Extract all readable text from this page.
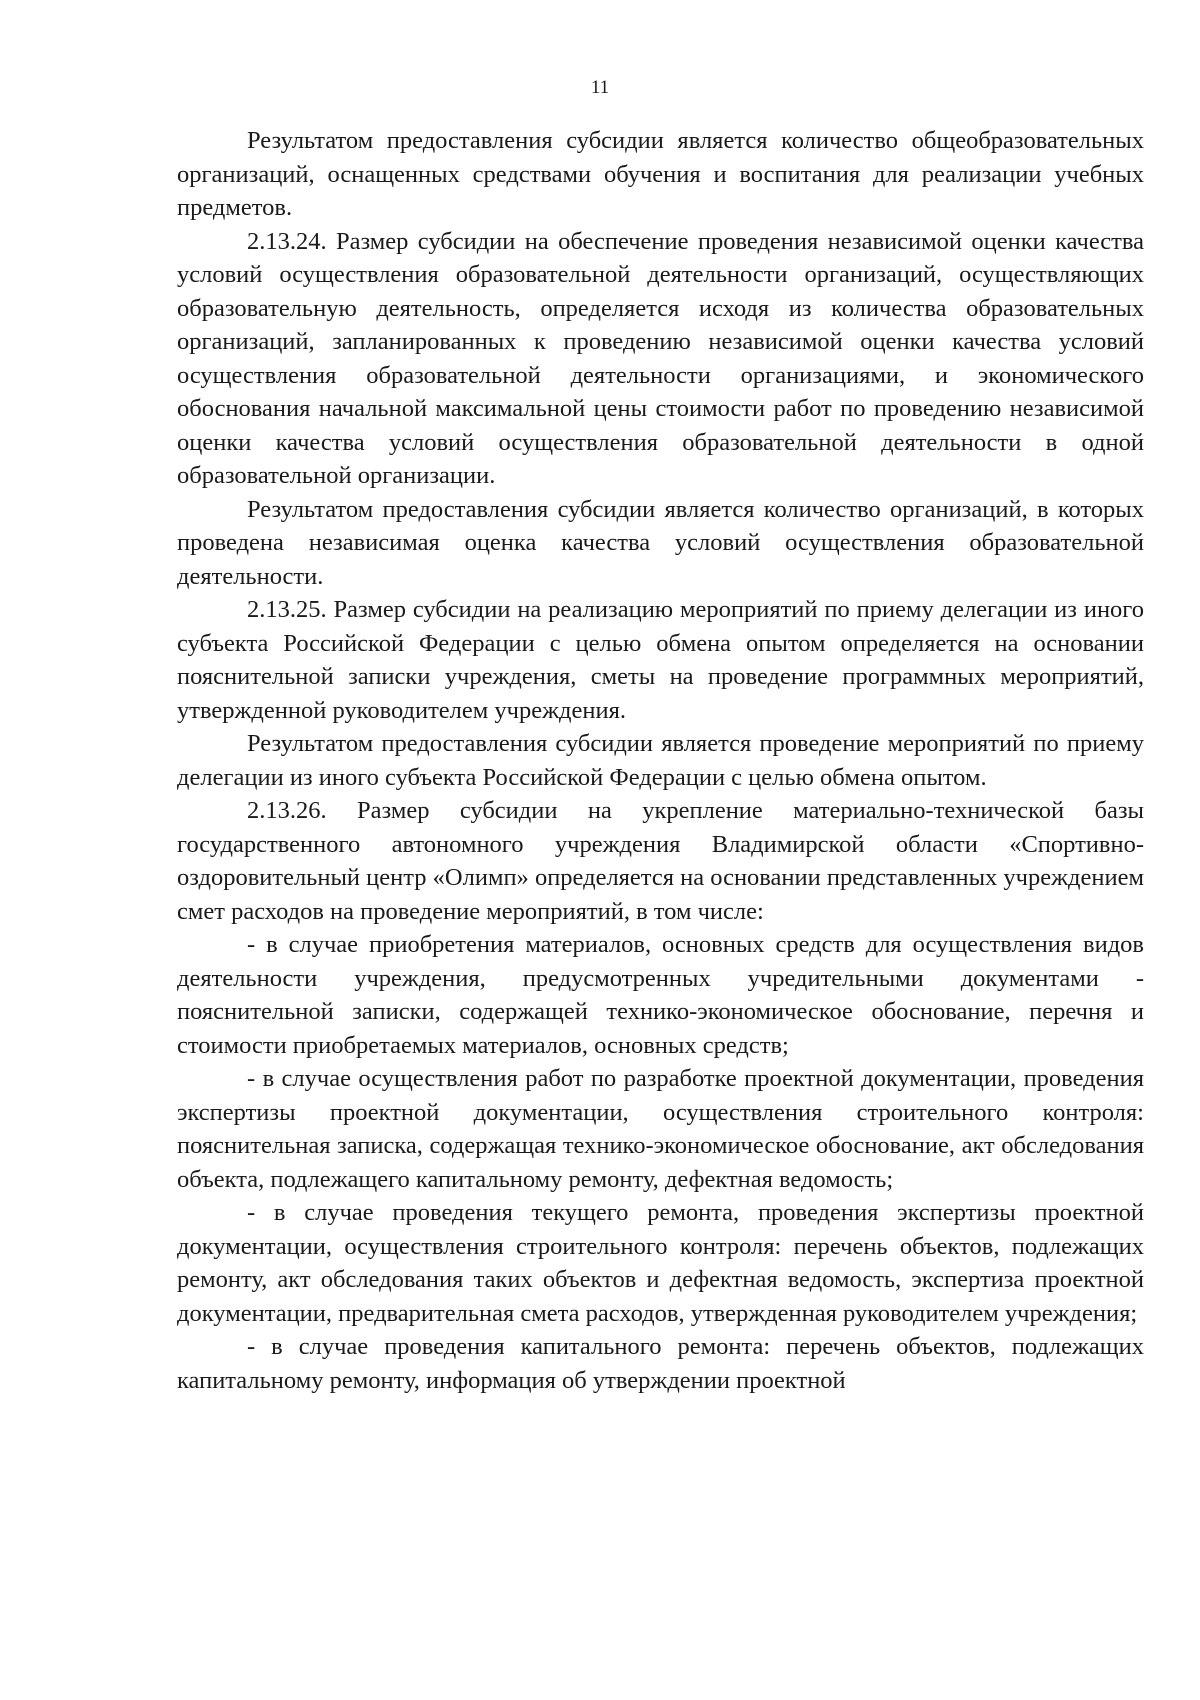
11

Результатом предоставления субсидии является количество общеобразовательных организаций, оснащенных средствами обучения и воспитания для реализации учебных предметов.

2.13.24. Размер субсидии на обеспечение проведения независимой оценки качества условий осуществления образовательной деятельности организаций, осуществляющих образовательную деятельность, определяется исходя из количества образовательных организаций, запланированных к проведению независимой оценки качества условий осуществления образовательной деятельности организациями, и экономического обоснования начальной максимальной цены стоимости работ по проведению независимой оценки качества условий осуществления образовательной деятельности в одной образовательной организации.

Результатом предоставления субсидии является количество организаций, в которых проведена независимая оценка качества условий осуществления образовательной деятельности.

2.13.25. Размер субсидии на реализацию мероприятий по приему делегации из иного субъекта Российской Федерации с целью обмена опытом определяется на основании пояснительной записки учреждения, сметы на проведение программных мероприятий, утвержденной руководителем учреждения.

Результатом предоставления субсидии является проведение мероприятий по приему делегации из иного субъекта Российской Федерации с целью обмена опытом.

2.13.26. Размер субсидии на укрепление материально-технической базы государственного автономного учреждения Владимирской области «Спортивно-оздоровительный центр «Олимп» определяется на основании представленных учреждением смет расходов на проведение мероприятий, в том числе:

- в случае приобретения материалов, основных средств для осуществления видов деятельности учреждения, предусмотренных учредительными документами - пояснительной записки, содержащей технико-экономическое обоснование, перечня и стоимости приобретаемых материалов, основных средств;

- в случае осуществления работ по разработке проектной документации, проведения экспертизы проектной документации, осуществления строительного контроля: пояснительная записка, содержащая технико-экономическое обоснование, акт обследования объекта, подлежащего капитальному ремонту, дефектная ведомость;

- в случае проведения текущего ремонта, проведения экспертизы проектной документации, осуществления строительного контроля: перечень объектов, подлежащих ремонту, акт обследования таких объектов и дефектная ведомость, экспертиза проектной документации, предварительная смета расходов, утвержденная руководителем учреждения;

- в случае проведения капитального ремонта: перечень объектов, подлежащих капитальному ремонту, информация об утверждении проектной
